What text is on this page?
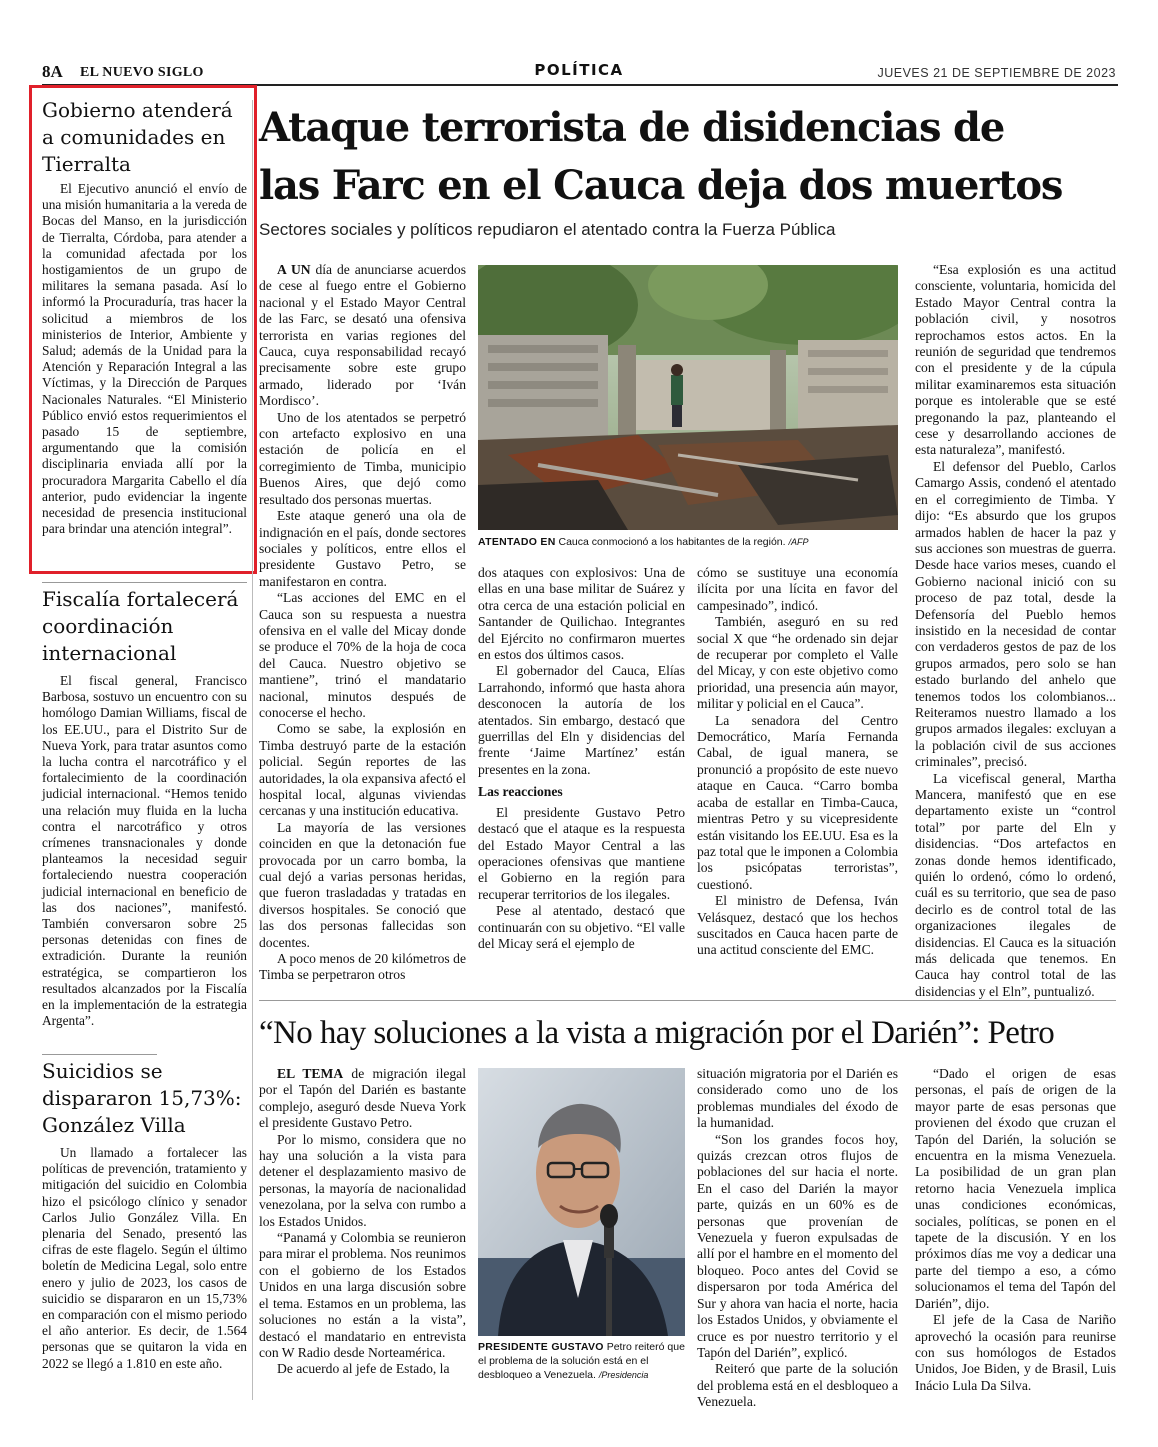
8A EL NUEVO SIGLO	POLÍTICA	JUEVES 21 DE SEPTIEMBRE DE 2023
Gobierno atenderá a comunidades en Tierralta

El Ejecutivo anunció el envío de una misión humanitaria a la vereda de Bocas del Manso, en la jurisdicción de Tierralta, Córdoba, para atender a la comunidad afectada por los hostigamientos de un grupo de militares la semana pasada. Así lo informó la Procuraduría, tras hacer la solicitud a miembros de los ministerios de Interior, Ambiente y Salud; además de la Unidad para la Atención y Reparación Integral a las Víctimas, y la Dirección de Parques Nacionales Naturales. “El Ministerio Público envió estos requerimientos el pasado 15 de septiembre, argumentando que la comisión disciplinaria enviada allí por la procuradora Margarita Cabello el día anterior, pudo evidenciar la ingente necesidad de presencia institucional para brindar una atención integral”.

Fiscalía fortalecerá coordinación internacional

El fiscal general, Francisco Barbosa, sostuvo un encuentro con su homólogo Damian Williams, fiscal de los EE.UU., para el Distrito Sur de Nueva York, para tratar asuntos como la lucha contra el narcotráfico y el fortalecimiento de la coordinación judicial internacional. “Hemos tenido una relación muy fluida en la lucha contra el narcotráfico y otros crímenes transnacionales y donde planteamos la necesidad seguir fortaleciendo nuestra cooperación judicial internacional en beneficio de las dos naciones”, manifestó. También conversaron sobre 25 personas detenidas con fines de extradición. Durante la reunión estratégica, se compartieron los resultados alcanzados por la Fiscalía en la implementación de la estrategia Argenta”.

Suicidios se dispararon 15,73%: González Villa

Un llamado a fortalecer las políticas de prevención, tratamiento y mitigación del suicidio en Colombia hizo el psicólogo clínico y senador Carlos Julio González Villa. En plenaria del Senado, presentó las cifras de este flagelo. Según el último boletín de Medicina Legal, solo entre enero y julio de 2023, los casos de suicidio se dispararon en un 15,73% en comparación con el mismo periodo el año anterior. Es decir, de 1.564 personas que se quitaron la vida en 2022 se llegó a 1.810 en este año.

Ataque terrorista de disidencias de
las Farc en el Cauca deja dos muertos
Sectores sociales y políticos repudiaron el atentado contra la Fuerza Pública
ATENTADO EN Cauca conmocionó a los habitantes de la región. /AFP

A UN día de anunciarse acuerdos de cese al fuego entre el Gobierno nacional y el Estado Mayor Central de las Farc, se desató una ofensiva terrorista en varias regiones del Cauca, cuya responsabilidad recayó precisamente sobre este grupo armado, liderado por ‘Iván Mordisco’.

Uno de los atentados se perpetró con artefacto explosivo en una estación de policía en el corregimiento de Timba, municipio Buenos Aires, que dejó como resultado dos personas muertas.

Este ataque generó una ola de indignación en el país, donde sectores sociales y políticos, entre ellos el presidente Gustavo Petro, se manifestaron en contra.

“Las acciones del EMC en el Cauca son su respuesta a nuestra ofensiva en el valle del Micay donde se produce el 70% de la hoja de coca del Cauca. Nuestro objetivo se mantiene”, trinó el mandatario nacional, minutos después de conocerse el hecho.

Como se sabe, la explosión en Timba destruyó parte de la estación policial. Según reportes de las autoridades, la ola expansiva afectó el hospital local, algunas viviendas cercanas y una institución educativa.

La mayoría de las versiones coinciden en que la detonación fue provocada por un carro bomba, la cual dejó a varias personas heridas, que fueron trasladadas y tratadas en diversos hospitales. Se conoció que las dos personas fallecidas son docentes.

A poco menos de 20 kilómetros de Timba se perpetraron otros

dos ataques con explosivos: Una de ellas en una base militar de Suárez y otra cerca de una estación policial en Santander de Quilichao. Integrantes del Ejército no confirmaron muertes en estos dos últimos casos.

El gobernador del Cauca, Elías Larrahondo, informó que hasta ahora desconocen la autoría de los atentados. Sin embargo, destacó que guerrillas del Eln y disidencias del frente ‘Jaime Martínez’ están presentes en la zona.

Las reacciones

El presidente Gustavo Petro destacó que el ataque es la respuesta del Estado Mayor Central a las operaciones ofensivas que mantiene el Gobierno en la región para recuperar territorios de los ilegales.

Pese al atentado, destacó que continuarán con su objetivo. “El valle del Micay será el ejemplo de

cómo se sustituye una economía ilícita por una lícita en favor del campesinado”, indicó.

También, aseguró en su red social X que “he ordenado sin dejar de recuperar por completo el Valle del Micay, y con este objetivo como prioridad, una presencia aún mayor, militar y policial en el Cauca”.

La senadora del Centro Democrático, María Fernanda Cabal, de igual manera, se pronunció a propósito de este nuevo ataque en Cauca. “Carro bomba acaba de estallar en Timba-Cauca, mientras Petro y su vicepresidente están visitando los EE.UU. Esa es la paz total que le imponen a Colombia los psicópatas terroristas”, cuestionó.

El ministro de Defensa, Iván Velásquez, destacó que los hechos suscitados en Cauca hacen parte de una actitud consciente del EMC.

“Esa explosión es una actitud consciente, voluntaria, homicida del Estado Mayor Central contra la población civil, y nosotros reprochamos estos actos. En la reunión de seguridad que tendremos con el presidente y de la cúpula militar examinaremos esta situación porque es intolerable que se esté pregonando la paz, planteando el cese y desarrollando acciones de esta naturaleza”, manifestó.

El defensor del Pueblo, Carlos Camargo Assis, condenó el atentado en el corregimiento de Timba. Y dijo: “Es absurdo que los grupos armados hablen de hacer la paz y sus acciones son muestras de guerra. Desde hace varios meses, cuando el Gobierno nacional inició con su proceso de paz total, desde la Defensoría del Pueblo hemos insistido en la necesidad de contar con verdaderos gestos de paz de los grupos armados, pero solo se han estado burlando del anhelo que tenemos todos los colombianos... Reiteramos nuestro llamado a los grupos armados ilegales: excluyan a la población civil de sus acciones criminales”, precisó.

La vicefiscal general, Martha Mancera, manifestó que en ese departamento existe un “control total” por parte del Eln y disidencias. “Dos artefactos en zonas donde hemos identificado, quién lo ordenó, cómo lo ordenó, cuál es su territorio, que sea de paso decirlo es de control total de las organizaciones ilegales de disidencias. El Cauca es la situación más delicada que tenemos. En Cauca hay control total de las disidencias y el Eln”, puntualizó.

“No hay soluciones a la vista a migración por el Darién”: Petro

EL TEMA de migración ilegal por el Tapón del Darién es bastante complejo, aseguró desde Nueva York el presidente Gustavo Petro.

Por lo mismo, considera que no hay una solución a la vista para detener el desplazamiento masivo de personas, la mayoría de nacionalidad venezolana, por la selva con rumbo a los Estados Unidos.

“Panamá y Colombia se reunieron para mirar el problema. Nos reunimos con el gobierno de los Estados Unidos en una larga discusión sobre el tema. Estamos en un problema, las soluciones no están a la vista”, destacó el mandatario en entrevista con W Radio desde Norteamérica.

De acuerdo al jefe de Estado, la

PRESIDENTE GUSTAVO Petro reiteró que el problema de la solución está en el desbloqueo a Venezuela. /Presidencia

situación migratoria por el Darién es considerado como uno de los problemas mundiales del éxodo de la humanidad.

“Son los grandes focos hoy, quizás crezcan otros flujos de poblaciones del sur hacia el norte. En el caso del Darién la mayor parte, quizás en un 60% es de personas que provenían de Venezuela y fueron expulsadas de allí por el hambre en el momento del bloqueo. Poco antes del Covid se dispersaron por toda América del Sur y ahora van hacia el norte, hacia los Estados Unidos, y obviamente el cruce es por nuestro territorio y el Tapón del Darién”, explicó.

Reiteró que parte de la solución del problema está en el desbloqueo a Venezuela.

“Dado el origen de esas personas, el país de origen de la mayor parte de esas personas que provienen del éxodo que cruzan el Tapón del Darién, la solución se encuentra en la misma Venezuela. La posibilidad de un gran plan retorno hacia Venezuela implica unas condiciones económicas, sociales, políticas, se ponen en el tapete de la discusión. Y en los próximos días me voy a dedicar una parte del tiempo a eso, a cómo solucionamos el tema del Tapón del Darién”, dijo.

El jefe de la Casa de Nariño aprovechó la ocasión para reunirse con sus homólogos de Estados Unidos, Joe Biden, y de Brasil, Luis Inácio Lula Da Silva.
